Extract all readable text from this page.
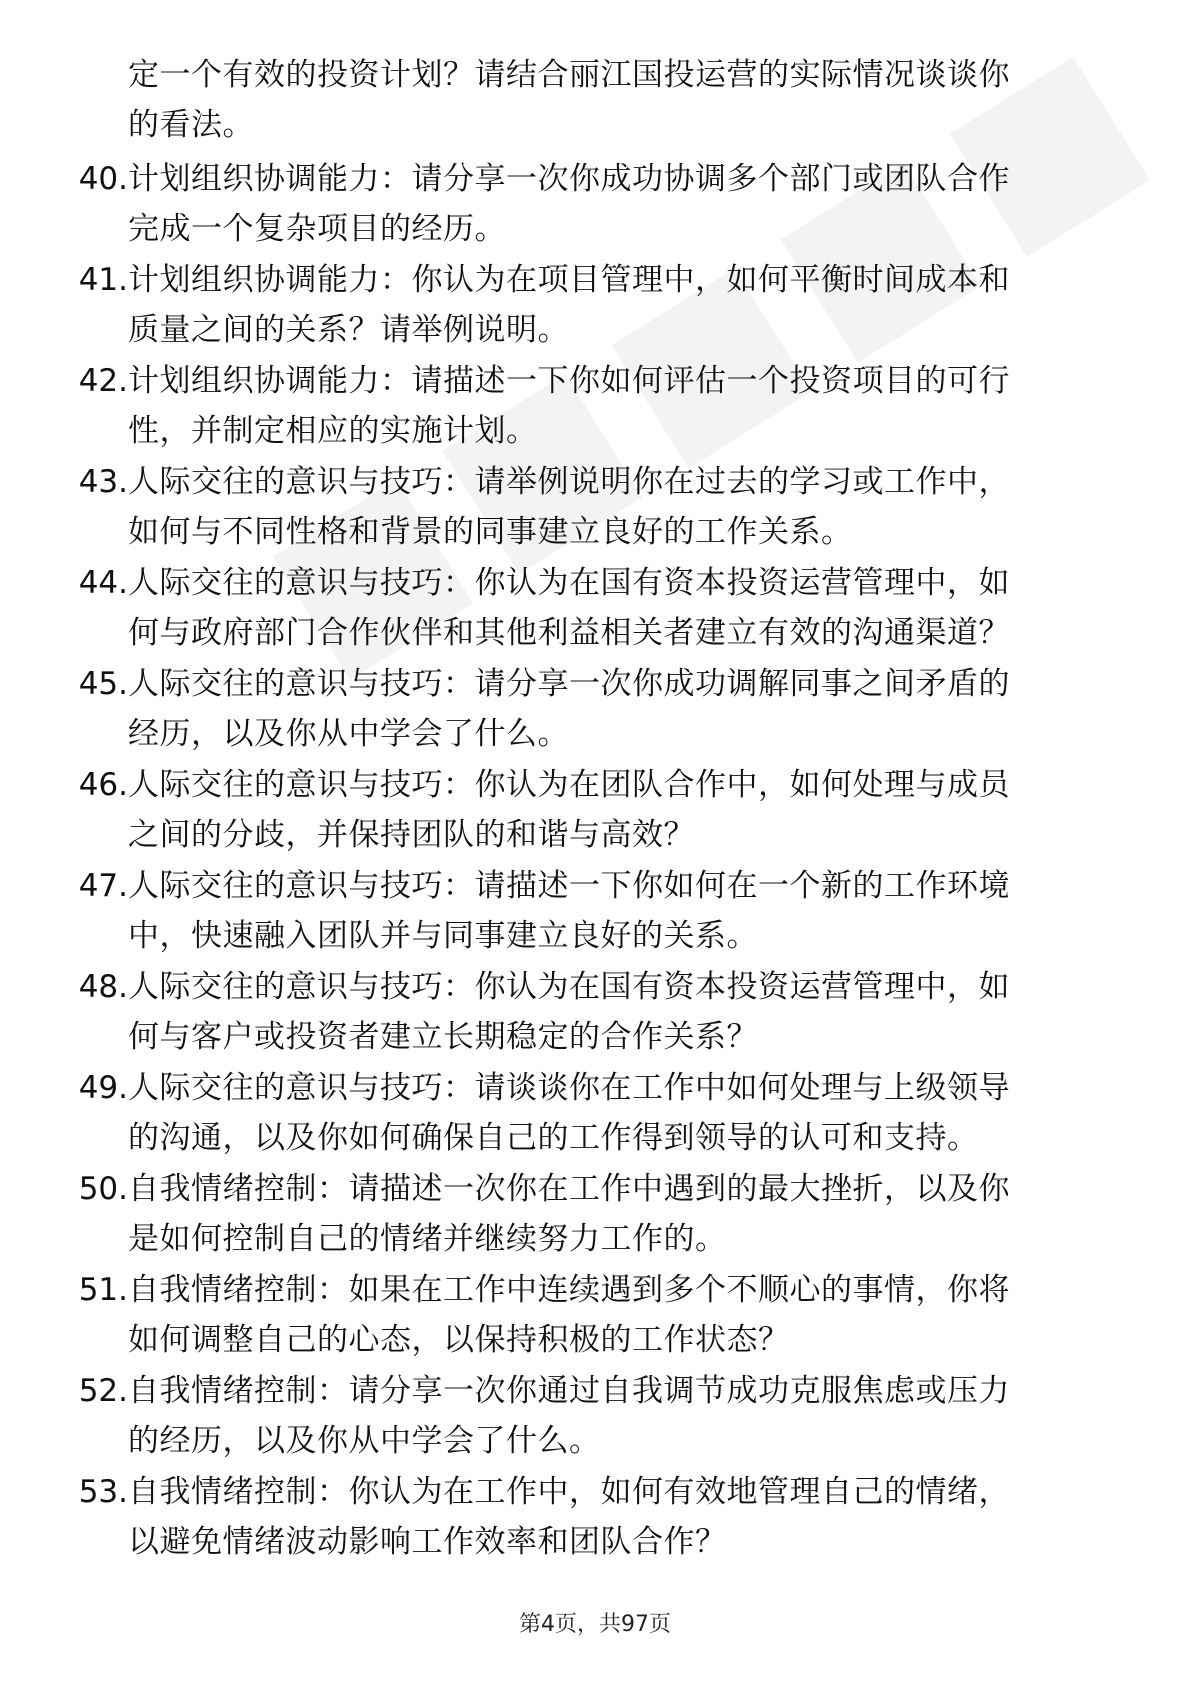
定一个有效的投资计划？请结合丽江国投运营的实际情况谈谈你
的看法。
40. 计划组织协调能力：请分享一次你成功协调多个部门或团队合作
完成一个复杂项目的经历。
41. 计划组织协调能力：你认为在项目管理中，如何平衡时间成本和
质量之间的关系？请举例说明。
42. 计划组织协调能力：请描述一下你如何评估一个投资项目的可行
性，并制定相应的实施计划。
43. 人际交往的意识与技巧：请举例说明你在过去的学习或工作中，
如何与不同性格和背景的同事建立良好的工作关系。
44. 人际交往的意识与技巧：你认为在国有资本投资运营管理中，如
何与政府部门合作伙伴和其他利益相关者建立有效的沟通渠道？
45. 人际交往的意识与技巧：请分享一次你成功调解同事之间矛盾的
经历，以及你从中学会了什么。
46. 人际交往的意识与技巧：你认为在团队合作中，如何处理与成员
之间的分歧，并保持团队的和谐与高效？
47. 人际交往的意识与技巧：请描述一下你如何在一个新的工作环境
中，快速融入团队并与同事建立良好的关系。
48. 人际交往的意识与技巧：你认为在国有资本投资运营管理中，如
何与客户或投资者建立长期稳定的合作关系？
49. 人际交往的意识与技巧：请谈谈你在工作中如何处理与上级领导
的沟通，以及你如何确保自己的工作得到领导的认可和支持。
50. 自我情绪控制：请描述一次你在工作中遇到的最大挫折，以及你
是如何控制自己的情绪并继续努力工作的。
51. 自我情绪控制：如果在工作中连续遇到多个不顺心的事情，你将
如何调整自己的心态，以保持积极的工作状态？
52. 自我情绪控制：请分享一次你通过自我调节成功克服焦虑或压力
的经历，以及你从中学会了什么。
53. 自我情绪控制：你认为在工作中，如何有效地管理自己的情绪，
以避免情绪波动影响工作效率和团队合作？
第4页，共97页
